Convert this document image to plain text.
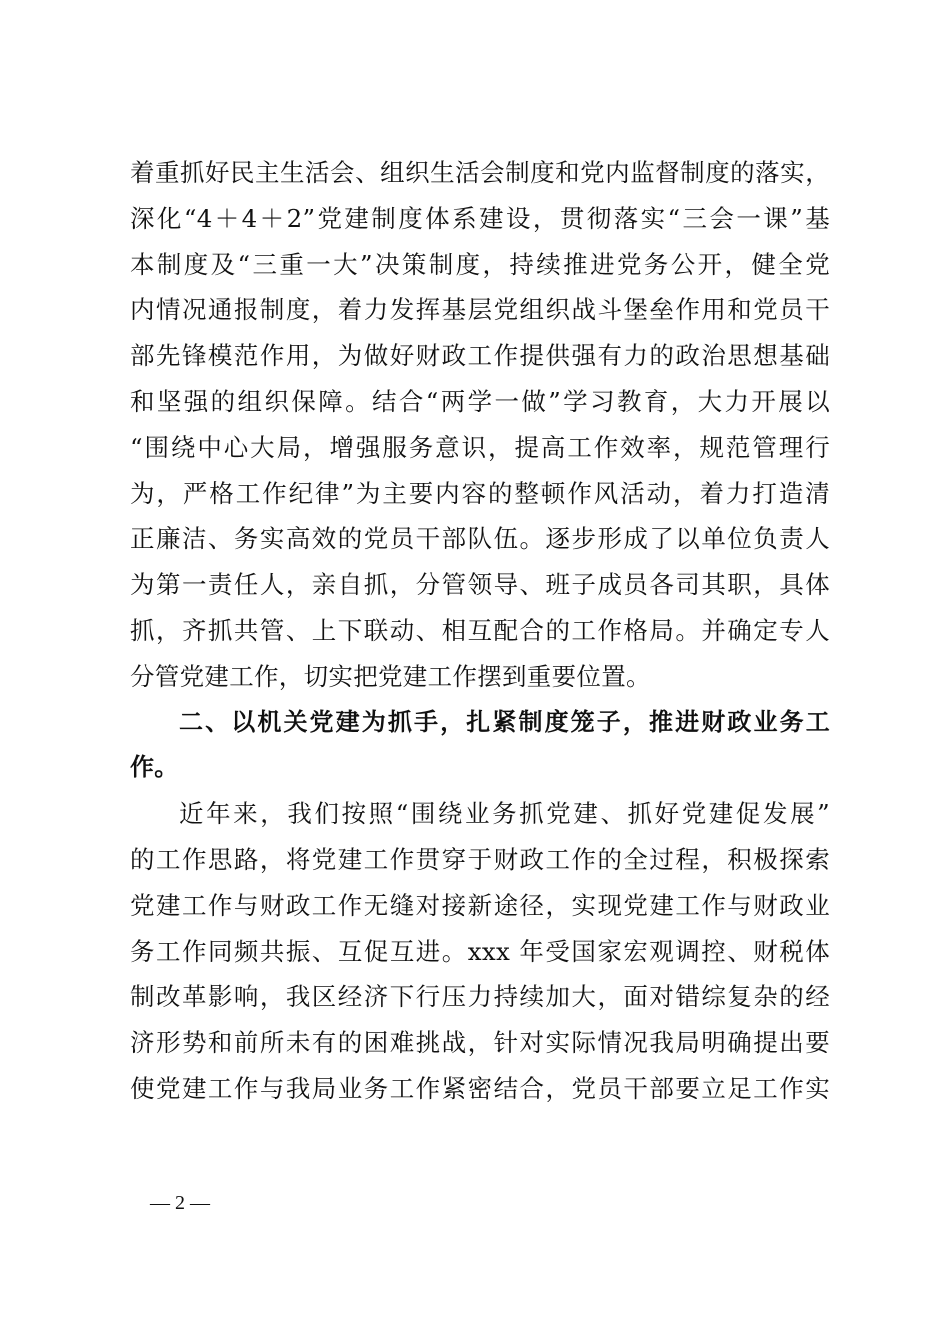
着重抓好民主生活会、组织生活会制度和党内监督制度的落实，
深化“4＋4＋2”党建制度体系建设，贯彻落实“三会一课”基
本制度及“三重一大”决策制度，持续推进党务公开，健全党
内情况通报制度，着力发挥基层党组织战斗堡垒作用和党员干
部先锋模范作用，为做好财政工作提供强有力的政治思想基础
和坚强的组织保障。结合“两学一做”学习教育，大力开展以
“围绕中心大局，增强服务意识，提高工作效率，规范管理行
为，严格工作纪律”为主要内容的整顿作风活动，着力打造清
正廉洁、务实高效的党员干部队伍。逐步形成了以单位负责人
为第一责任人，亲自抓，分管领导、班子成员各司其职，具体
抓，齐抓共管、上下联动、相互配合的工作格局。并确定专人
分管党建工作，切实把党建工作摆到重要位置。
二、以机关党建为抓手，扎紧制度笼子，推进财政业务工
作。
近年来，我们按照“围绕业务抓党建、抓好党建促发展”
的工作思路，将党建工作贯穿于财政工作的全过程，积极探索
党建工作与财政工作无缝对接新途径，实现党建工作与财政业
务工作同频共振、互促互进。xxx 年受国家宏观调控、财税体
制改革影响，我区经济下行压力持续加大，面对错综复杂的经
济形势和前所未有的困难挑战，针对实际情况我局明确提出要
使党建工作与我局业务工作紧密结合，党员干部要立足工作实
— 2 —
